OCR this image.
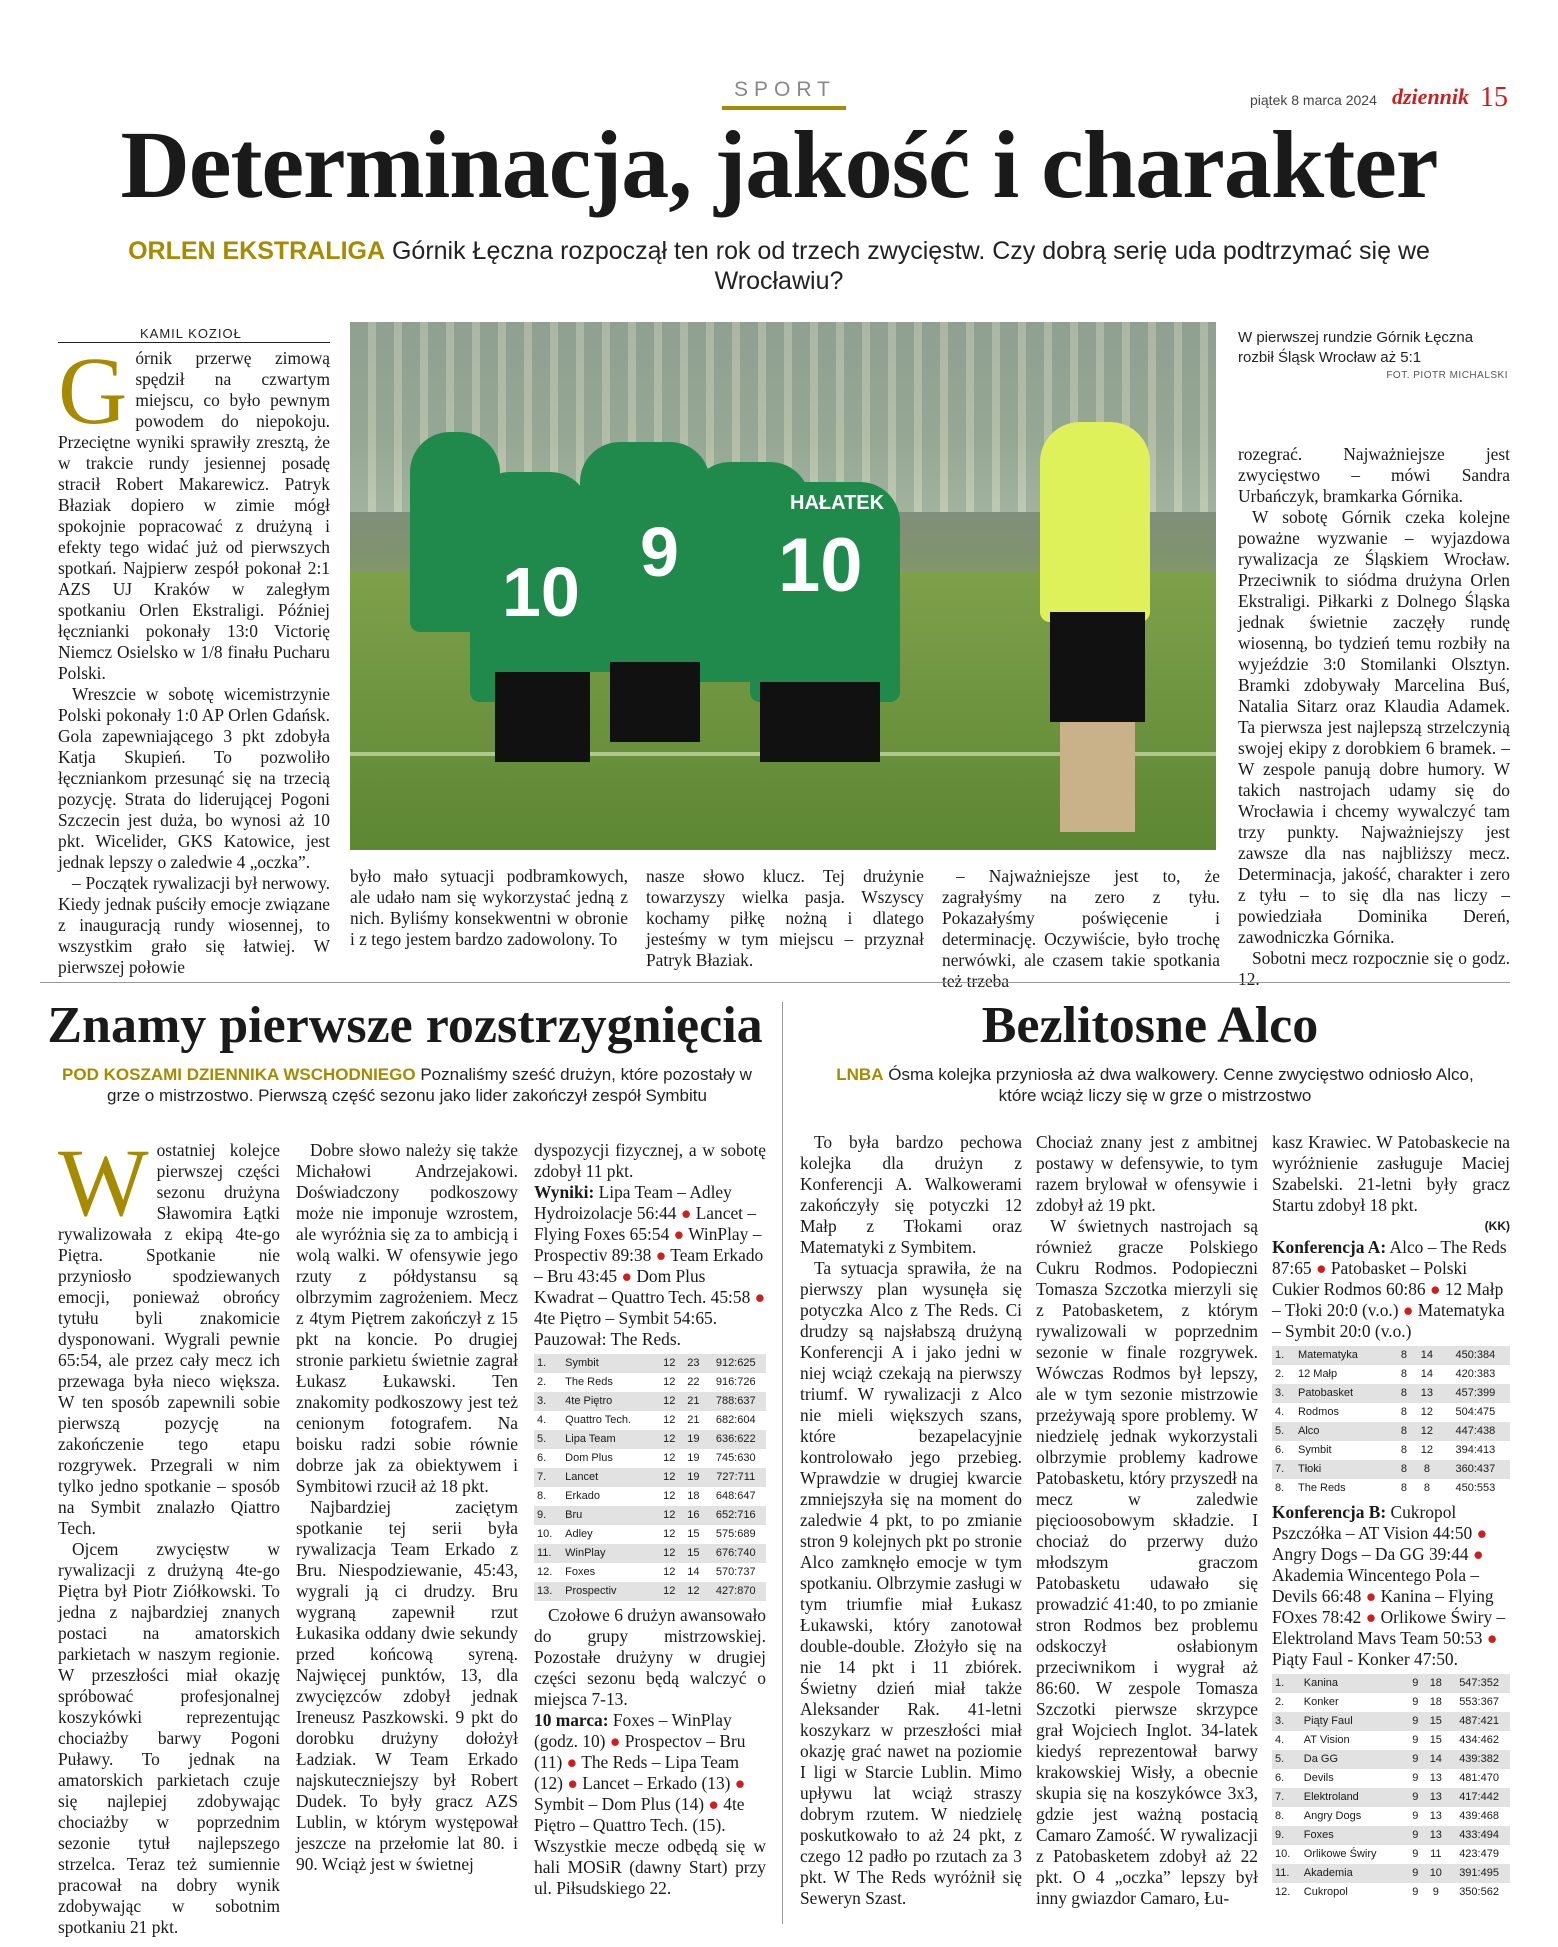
SPORT	piątek 8 marca 2024 dziennik 15
Determinacja, jakość i charakter
ORLEN EKSTRALIGA Górnik Łęczna rozpoczął ten rok od trzech zwycięstw. Czy dobrą serię uda podtrzymać się we Wrocławiu?
KAMIL KOZIOŁ
G órnik przerwę zimową spędził na czwartym miejscu, co było pewnym powodem do niepokoju. Przeciętne wyniki sprawiły zresztą, że w trakcie rundy jesiennej posadę stracił Robert Makarewicz. Patryk Błaziak dopiero w zimie mógł spokojnie popracować z drużyną i efekty tego widać już od pierwszych spotkań. Najpierw zespół pokonał 2:1 AZS UJ Kraków w zaległym spotkaniu Orlen Ekstraligi. Później łęcznianki pokonały 13:0 Victorię Niemcz Osielsko w 1/8 finału Pucharu Polski.

Wreszcie w sobotę wicemistrzynie Polski pokonały 1:0 AP Orlen Gdańsk. Gola zapewniającego 3 pkt zdobyła Katja Skupień. To pozwoliło łęczniankom przesunąć się na trzecią pozycję. Strata do liderującej Pogoni Szczecin jest duża, bo wynosi aż 10 pkt. Wicelider, GKS Katowice, jest jednak lepszy o zaledwie 4 „oczka”.

– Początek rywalizacji był nerwowy. Kiedy jednak puściły emocje związane z inauguracją rundy wiosennej, to wszystkim grało się łatwiej. W pierwszej połowie

10
9 10
HAŁATEK
W pierwszej rundzie Górnik Łęczna rozbił Śląsk Wrocław aż 5:1
FOT. PIOTR MICHALSKI

było mało sytuacji podbramkowych, ale udało nam się wykorzystać jedną z nich. Byliśmy konsekwentni w obronie i z tego jestem bardzo zadowolony. To

nasze słowo klucz. Tej drużynie towarzyszy wielka pasja. Wszyscy kochamy piłkę nożną i dlatego jesteśmy w tym miejscu – przyznał Patryk Błaziak.

– Najważniejsze jest to, że zagrałyśmy na zero z tyłu. Pokazałyśmy poświęcenie i determinację. Oczywiście, było trochę nerwówki, ale czasem takie spotkania też trzeba

rozegrać. Najważniejsze jest zwycięstwo – mówi Sandra Urbańczyk, bramkarka Górnika.

W sobotę Górnik czeka kolejne poważne wyzwanie – wyjazdowa rywalizacja ze Śląskiem Wrocław. Przeciwnik to siódma drużyna Orlen Ekstraligi. Piłkarki z Dolnego Śląska jednak świetnie zaczęły rundę wiosenną, bo tydzień temu rozbiły na wyjeździe 3:0 Stomilanki Olsztyn. Bramki zdobywały Marcelina Buś, Natalia Sitarz oraz Klaudia Adamek. Ta pierwsza jest najlepszą strzelczynią swojej ekipy z dorobkiem 6 bramek. – W zespole panują dobre humory. W takich nastrojach udamy się do Wrocławia i chcemy wywalczyć tam trzy punkty. Najważniejszy jest zawsze dla nas najbliższy mecz. Determinacja, jakość, charakter i zero z tyłu – to się dla nas liczy – powiedziała Dominika Dereń, zawodniczka Górnika.

Sobotni mecz rozpocznie się o godz. 12.

Znamy pierwsze rozstrzygnięcia
POD KOSZAMI DZIENNIKA WSCHODNIEGO Poznaliśmy sześć drużyn, które pozostały w grze o mistrzostwo. Pierwszą część sezonu jako lider zakończył zespół Symbitu
W ostatniej kolejce pierwszej części sezonu drużyna Sławomira Łątki rywalizowała z ekipą 4te-go Piętra. Spotkanie nie przyniosło spodziewanych emocji, ponieważ obrońcy tytułu byli znakomicie dysponowani. Wygrali pewnie 65:54, ale przez cały mecz ich przewaga była nieco większa. W ten sposób zapewnili sobie pierwszą pozycję na zakończenie tego etapu rozgrywek. Przegrali w nim tylko jedno spotkanie – sposób na Symbit znalazło Qiattro Tech.

Ojcem zwycięstw w rywalizacji z drużyną 4te-go Piętra był Piotr Ziółkowski. To jedna z najbardziej znanych postaci na amatorskich parkietach w naszym regionie. W przeszłości miał okazję spróbować profesjonalnej koszykówki reprezentując chociażby barwy Pogoni Puławy. To jednak na amatorskich parkietach czuje się najlepiej zdobywając chociażby w poprzednim sezonie tytuł najlepszego strzelca. Teraz też sumiennie pracował na dobry wynik zdobywając w sobotnim spotkaniu 21 pkt.

Dobre słowo należy się także Michałowi Andrzejakowi. Doświadczony podkoszowy może nie imponuje wzrostem, ale wyróżnia się za to ambicją i wolą walki. W ofensywie jego rzuty z półdystansu są olbrzymim zagrożeniem. Mecz z 4tym Piętrem zakończył z 15 pkt na koncie. Po drugiej stronie parkietu świetnie zagrał Łukasz Łukawski. Ten znakomity podkoszowy jest też cenionym fotografem. Na boisku radzi sobie równie dobrze jak za obiektywem i Symbitowi rzucił aż 18 pkt.

Najbardziej zaciętym spotkanie tej serii była rywalizacja Team Erkado z Bru. Niespodziewanie, 45:43, wygrali ją ci drudzy. Bru wygraną zapewnił rzut Łukasika oddany dwie sekundy przed końcową syreną. Najwięcej punktów, 13, dla zwycięzców zdobył jednak Ireneusz Paszkowski. 9 pkt do dorobku drużyny dołożył Ładziak. W Team Erkado najskuteczniejszy był Robert Dudek. To były gracz AZS Lublin, w którym występował jeszcze na przełomie lat 80. i 90. Wciąż jest w świetnej

dyspozycji fizycznej, a w sobotę zdobył 11 pkt.

Wyniki: Lipa Team – Adley Hydroizolacje 56:44 ● Lancet – Flying Foxes 65:54 ● WinPlay – Prospectiv 89:38 ● Team Erkado – Bru 43:45 ● Dom Plus Kwadrat – Quattro Tech. 45:58 ● 4te Piętro – Symbit 54:65.

Pauzował: The Reds.

1.	Symbit	12	23	912:625
2.	The Reds	12	22	916:726
3.	4te Piętro	12	21	788:637
4.	Quattro Tech.	12	21	682:604
5.	Lipa Team	12	19	636:622
6.	Dom Plus	12	19	745:630
7.	Lancet	12	19	727:711
8.	Erkado	12	18	648:647
9.	Bru	12	16	652:716
10.	Adley	12	15	575:689
11.	WinPlay	12	15	676:740
12.	Foxes	12	14	570:737
13.	Prospectiv	12	12	427:870

Czołowe 6 drużyn awansowało do grupy mistrzowskiej. Pozostałe drużyny w drugiej części sezonu będą walczyć o miejsca 7-13.

10 marca: Foxes – WinPlay (godz. 10) ● Prospectov – Bru (11) ● The Reds – Lipa Team (12) ● Lancet – Erkado (13) ● Symbit – Dom Plus (14) ● 4te Piętro – Quattro Tech. (15).

Wszystkie mecze odbędą się w hali MOSiR (dawny Start) przy ul. Piłsudskiego 22.

Bezlitosne Alco
LNBA Ósma kolejka przyniosła aż dwa walkowery. Cenne zwycięstwo odniosło Alco, które wciąż liczy się w grze o mistrzostwo

To była bardzo pechowa kolejka dla drużyn z Konferencji A. Walkowerami zakończyły się potyczki 12 Małp z Tłokami oraz Matematyki z Symbitem.

Ta sytuacja sprawiła, że na pierwszy plan wysunęła się potyczka Alco z The Reds. Ci drudzy są najsłabszą drużyną Konferencji A i jako jedni w niej wciąż czekają na pierwszy triumf. W rywalizacji z Alco nie mieli większych szans, które bezapelacyjnie kontrolowało jego przebieg. Wprawdzie w drugiej kwarcie zmniejszyła się na moment do zaledwie 4 pkt, to po zmianie stron 9 kolejnych pkt po stronie Alco zamknęło emocje w tym spotkaniu. Olbrzymie zasługi w tym triumfie miał Łukasz Łukawski, który zanotował double-double. Złożyło się na nie 14 pkt i 11 zbiórek. Świetny dzień miał także Aleksander Rak. 41-letni koszykarz w przeszłości miał okazję grać nawet na poziomie I ligi w Starcie Lublin. Mimo upływu lat wciąż straszy dobrym rzutem. W niedzielę poskutkowało to aż 24 pkt, z czego 12 padło po rzutach za 3 pkt. W The Reds wyróżnił się Seweryn Szast.

Chociaż znany jest z ambitnej postawy w defensywie, to tym razem brylował w ofensywie i zdobył aż 19 pkt.

W świetnych nastrojach są również gracze Polskiego Cukru Rodmos. Podopieczni Tomasza Szczotka mierzyli się z Patobasketem, z którym rywalizowali w poprzednim sezonie w finale rozgrywek. Wówczas Rodmos był lepszy, ale w tym sezonie mistrzowie przeżywają spore problemy. W niedzielę jednak wykorzystali olbrzymie problemy kadrowe Patobasketu, który przyszedł na mecz w zaledwie pięcioosobowym składzie. I chociaż do przerwy dużo młodszym graczom Patobasketu udawało się prowadzić 41:40, to po zmianie stron Rodmos bez problemu odskoczył osłabionym przeciwnikom i wygrał aż 86:60. W zespole Tomasza Szczotki pierwsze skrzypce grał Wojciech Inglot. 34-latek kiedyś reprezentował barwy krakowskiej Wisły, a obecnie skupia się na koszykówce 3x3, gdzie jest ważną postacią Camaro Zamość. W rywalizacji z Patobasketem zdobył aż 22 pkt. O 4 „oczka” lepszy był inny gwiazdor Camaro, Łu-

kasz Krawiec. W Patobaskecie na wyróżnienie zasługuje Maciej Szabelski. 21-letni były gracz Startu zdobył 18 pkt.

(KK)

Konferencja A: Alco – The Reds 87:65 ● Patobasket – Polski Cukier Rodmos 60:86 ● 12 Małp – Tłoki 20:0 (v.o.) ● Matematyka – Symbit 20:0 (v.o.)

1.	Matematyka	8	14	450:384
2.	12 Małp	8	14	420:383
3.	Patobasket	8	13	457:399
4.	Rodmos	8	12	504:475
5.	Alco	8	12	447:438
6.	Symbit	8	12	394:413
7.	Tłoki	8	8	360:437
8.	The Reds	8	8	450:553

Konferencja B: Cukropol Pszczółka – AT Vision 44:50 ● Angry Dogs – Da GG 39:44 ● Akademia Wincentego Pola – Devils 66:48 ● Kanina – Flying FOxes 78:42 ● Orlikowe Świry – Elektroland Mavs Team 50:53 ● Piąty Faul - Konker 47:50.

1.	Kanina	9	18	547:352
2.	Konker	9	18	553:367
3.	Piąty Faul	9	15	487:421
4.	AT Vision	9	15	434:462
5.	Da GG	9	14	439:382
6.	Devils	9	13	481:470
7.	Elektroland	9	13	417:442
8.	Angry Dogs	9	13	439:468
9.	Foxes	9	13	433:494
10.	Orlikowe Świry	9	11	423:479
11.	Akademia	9	10	391:495
12.	Cukropol	9	9	350:562
